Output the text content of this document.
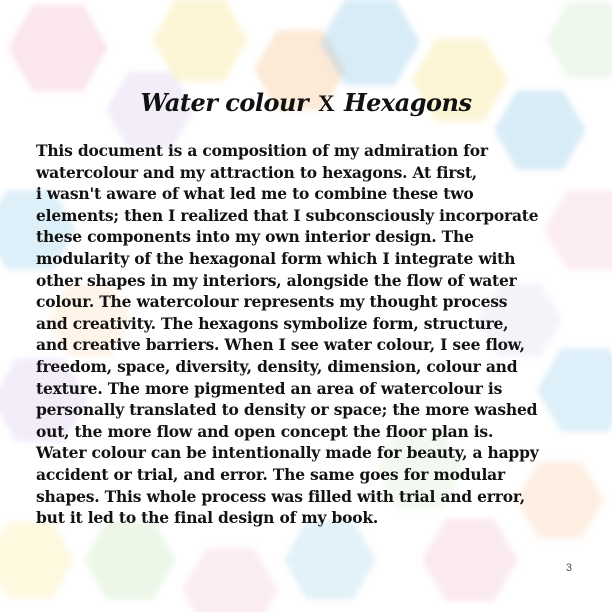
Water colour X Hexagons
This document is a composition of my admiration for
watercolour and my attraction to hexagons. At first,
i wasn't aware of what led me to combine these two
elements; then I realized that I subconsciously incorporate
these components into my own interior design. The
modularity of the hexagonal form which I integrate with
other shapes in my interiors, alongside the flow of water
colour. The watercolour represents my thought process
and creativity. The hexagons symbolize form, structure,
and creative barriers. When I see water colour, I see flow,
freedom, space, diversity, density, dimension, colour and
texture. The more pigmented an area of watercolour is
personally translated to density or space; the more washed
out, the more flow and open concept the floor plan is.
Water colour can be intentionally made for beauty, a happy
accident or trial, and error. The same goes for modular
shapes. This whole process was filled with trial and error,
but it led to the final design of my book.
3
